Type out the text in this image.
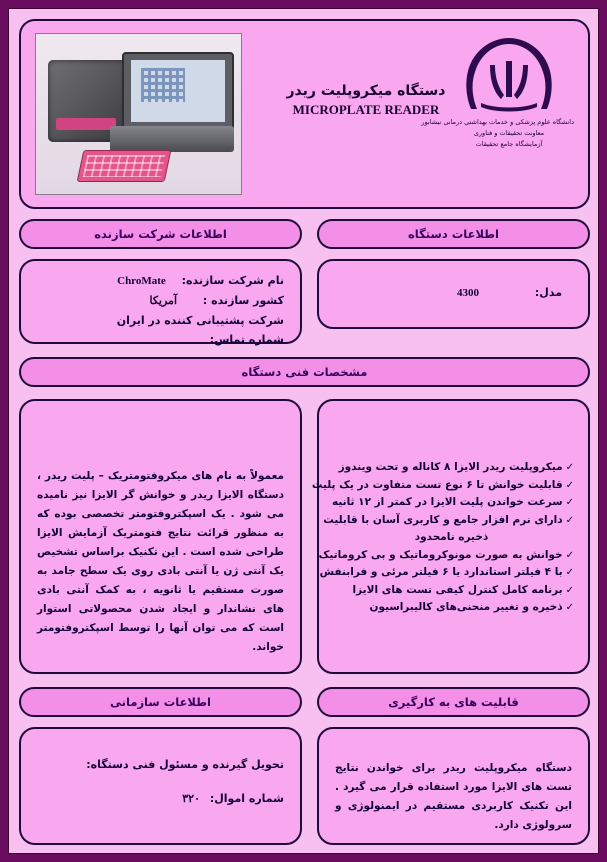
دستگاه میکروپلیت ریدر
MICROPLATE READER
دانشگاه علوم پزشکی و خدمات بهداشتی درمانی نیشابور
معاونت تحقیقات و فناوری
آزمایشگاه جامع تحقیقات
اطلاعات دستگاه
اطلاعات شرکت سازنده
مدل: 4300
نام شرکت سازنده: ChroMate
کشور سازنده : آمریکا
شرکت پشتیبانی کننده در ایران
شماره تماس:
مشخصات فنی دستگاه
✓میکروپلیت ریدر الایزا ۸ کاناله و تحت ویندوز
✓قابلیت خوانش تا ۶ نوع تست متفاوت در یک پلیت
✓سرعت خواندن پلیت الایزا در کمتر از ۱۲ ثانیه
✓دارای نرم افزار جامع و کاربری آسان با قابلیت
ذخیره نامحدود
✓خوانش به صورت مونوکروماتیک و بی کروماتیک
✓با ۴ فیلتر استاندارد یا ۶ فیلتر مرئی و فرابنفش
✓برنامه کامل کنترل کیفی تست های الایزا
✓ذخیره و تغییر منحنی‌های کالیبراسیون
معمولاً به نام های میکروفتومتریک – پلیت ریدر ، دستگاه الایزا ریدر و خوانش گر الایزا نیز نامیده می شود . یک اسپکتروفتومتر تخصصی بوده که به منظور قرائت نتایج فتومتریک آزمایش الایزا طراحی شده است . این تکنیک براساس تشخیص یک آنتی ژن یا آنتی بادی روی یک سطح جامد به صورت مستقیم یا ثانویه ، به کمک آنتی بادی های نشاندار و ایجاد شدن محصولاتی استوار است که می توان آنها را توسط اسپکتروفتومتر خواند.
قابلیت های به کارگیری
اطلاعات سازمانی
دستگاه میکروپلیت ریدر برای خواندن نتایج تست های الایزا مورد استفاده قرار می گیرد . این تکنیک کاربردی مستقیم در ایمنولوژی و سرولوژی دارد.
تحویل گیرنده و مسئول فنی دستگاه:
شماره اموال: ۳۲۰
